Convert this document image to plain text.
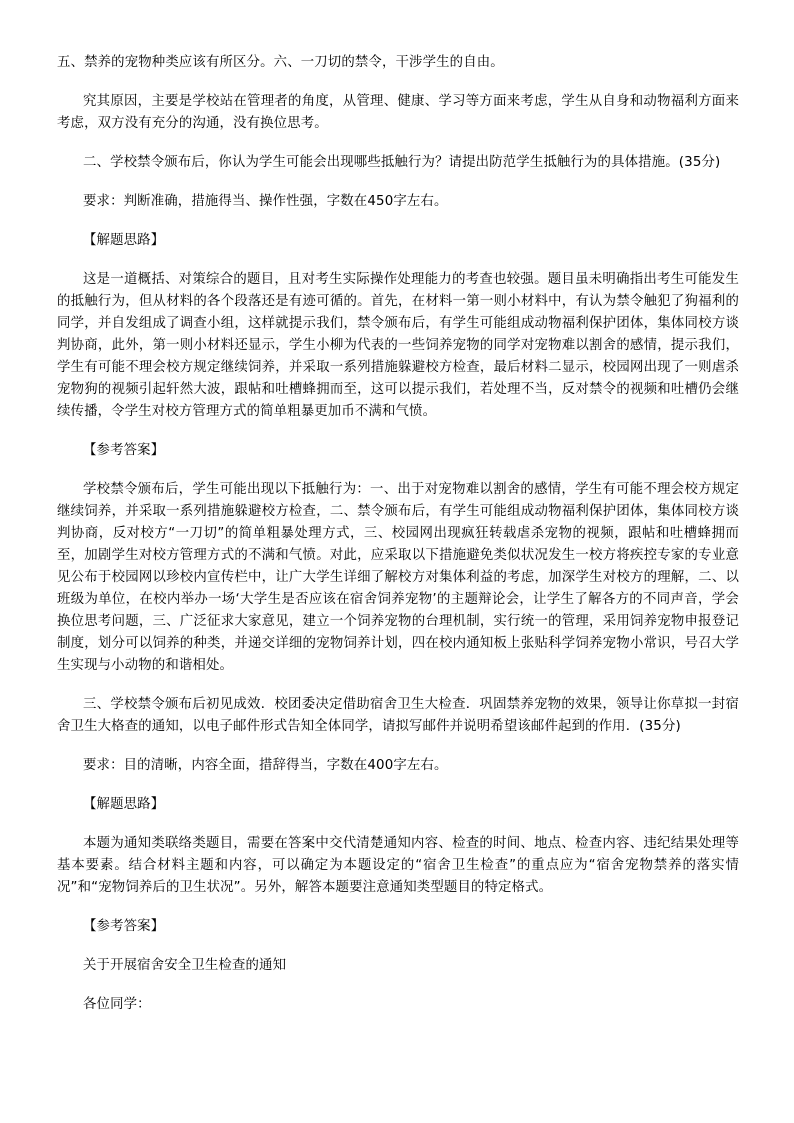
五、禁养的宠物种类应该有所区分。六、一刀切的禁令，干涉学生的自由。

究其原因，主要是学校站在管理者的角度，从管理、健康、学习等方面来考虑，学生从自身和动物福利方面来考虑，双方没有充分的沟通，没有换位思考。

二、学校禁令颁布后，你认为学生可能会出现哪些抵触行为？请提出防范学生抵触行为的具体措施。(35分)

要求：判断准确，措施得当、操作性强，字数在450字左右。

【解题思路】

这是一道概括、对策综合的题目，且对考生实际操作处理能力的考查也较强。题目虽未明确指出考生可能发生的抵触行为，但从材料的各个段落还是有迹可循的。首先，在材料一第一则小材料中，有认为禁令触犯了狗福利的同学，并自发组成了调查小组，这样就提示我们，禁令颁布后，有学生可能组成动物福利保护团体，集体同校方谈判协商，此外，第一则小材料还显示，学生小柳为代表的一些饲养宠物的同学对宠物难以割舍的感情，提示我们，学生有可能不理会校方规定继续饲养，并采取一系列措施躲避校方检查，最后材料二显示，校园网出现了一则虐杀宠物狗的视频引起轩然大波，跟帖和吐槽蜂拥而至，这可以提示我们，若处理不当，反对禁令的视频和吐槽仍会继续传播，令学生对校方管理方式的简单粗暴更加币不满和气愤。

【参考答案】

学校禁令颁布后，学生可能出现以下抵触行为：一、出于对宠物难以割舍的感情，学生有可能不理会校方规定继续饲养，并采取一系列措施躲避校方检查，二、禁令颁布后，有学生可能组成动物福利保护团体，集体同校方谈判协商，反对校方“一刀切”的简单粗暴处理方式，三、校园网出现疯狂转载虐杀宠物的视频，跟帖和吐槽蜂拥而至，加剧学生对校方管理方式的不满和气愤。对此，应采取以下措施避免类似状况发生一校方将疾控专家的专业意见公布于校园网以珍校内宣传栏中，让广大学生详细了解校方对集体利益的考虑，加深学生对校方的理解，二、以班级为单位，在校内举办一场‘大学生是否应该在宿舍饲养宠物’的主题辩论会，让学生了解各方的不同声音，学会换位思考问题，三、广泛征求大家意见，建立一个饲养宠物的台理机制，实行统一的管理，采用饲养宠物申报登记制度，划分可以饲养的种类，并递交详细的宠物饲养计划，四在校内通知板上张贴科学饲养宠物小常识，号召大学生实现与小动物的和谐相处。

三、学校禁令颁布后初见成效．校团委决定借助宿舍卫生大检查．巩固禁养宠物的效果，领导让你草拟一封宿舍卫生大格查的通知，以电子邮件形式告知全体同学，请拟写邮件并说明希望该邮件起到的作用．(35分)

要求：目的清晰，内容全面，措辞得当，字数在400字左右。

【解题思路】

本题为通知类联络类题目，需要在答案中交代清楚通知内容、检查的时间、地点、检查内容、违纪结果处理等基本要素。结合材料主题和内容，可以确定为本题设定的“宿舍卫生检查”的重点应为“宿舍宠物禁养的落实情况”和“宠物饲养后的卫生状况”。另外，解答本题要注意通知类型题目的特定格式。

【参考答案】

关于开展宿舍安全卫生检查的通知

各位同学：
